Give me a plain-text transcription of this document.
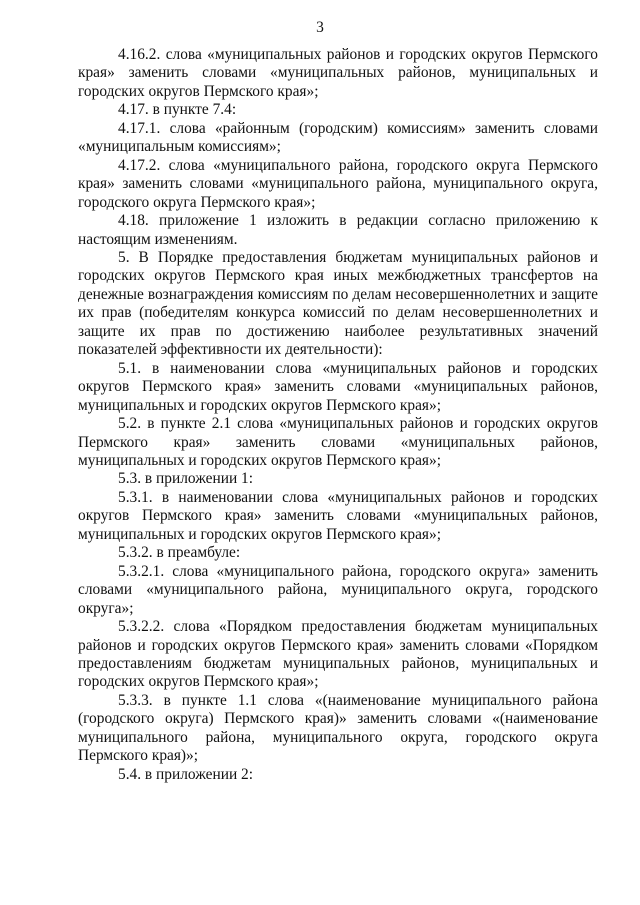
3

4.16.2. слова «муниципальных районов и городских округов Пермского края» заменить словами «муниципальных районов, муниципальных и городских округов Пермского края»;

4.17. в пункте 7.4:

4.17.1. слова «районным (городским) комиссиям» заменить словами «муниципальным комиссиям»;

4.17.2. слова «муниципального района, городского округа Пермского края» заменить словами «муниципального района, муниципального округа, городского округа Пермского края»;

4.18. приложение 1 изложить в редакции согласно приложению к настоящим изменениям.

5. В Порядке предоставления бюджетам муниципальных районов и городских округов Пермского края иных межбюджетных трансфертов на денежные вознаграждения комиссиям по делам несовершеннолетних и защите их прав (победителям конкурса комиссий по делам несовершеннолетних и защите их прав по достижению наиболее результативных значений показателей эффективности их деятельности):

5.1. в наименовании слова «муниципальных районов и городских округов Пермского края» заменить словами «муниципальных районов, муниципальных и городских округов Пермского края»;

5.2. в пункте 2.1 слова «муниципальных районов и городских округов Пермского края» заменить словами «муниципальных районов, муниципальных и городских округов Пермского края»;

5.3. в приложении 1:

5.3.1. в наименовании слова «муниципальных районов и городских округов Пермского края» заменить словами «муниципальных районов, муниципальных и городских округов Пермского края»;

5.3.2. в преамбуле:

5.3.2.1. слова «муниципального района, городского округа» заменить словами «муниципального района, муниципального округа, городского округа»;

5.3.2.2. слова «Порядком предоставления бюджетам муниципальных районов и городских округов Пермского края» заменить словами «Порядком предоставлениям бюджетам муниципальных районов, муниципальных и городских округов Пермского края»;

5.3.3. в пункте 1.1 слова «(наименование муниципального района (городского округа) Пермского края)» заменить словами «(наименование муниципального района, муниципального округа, городского округа Пермского края)»;

5.4. в приложении 2:
